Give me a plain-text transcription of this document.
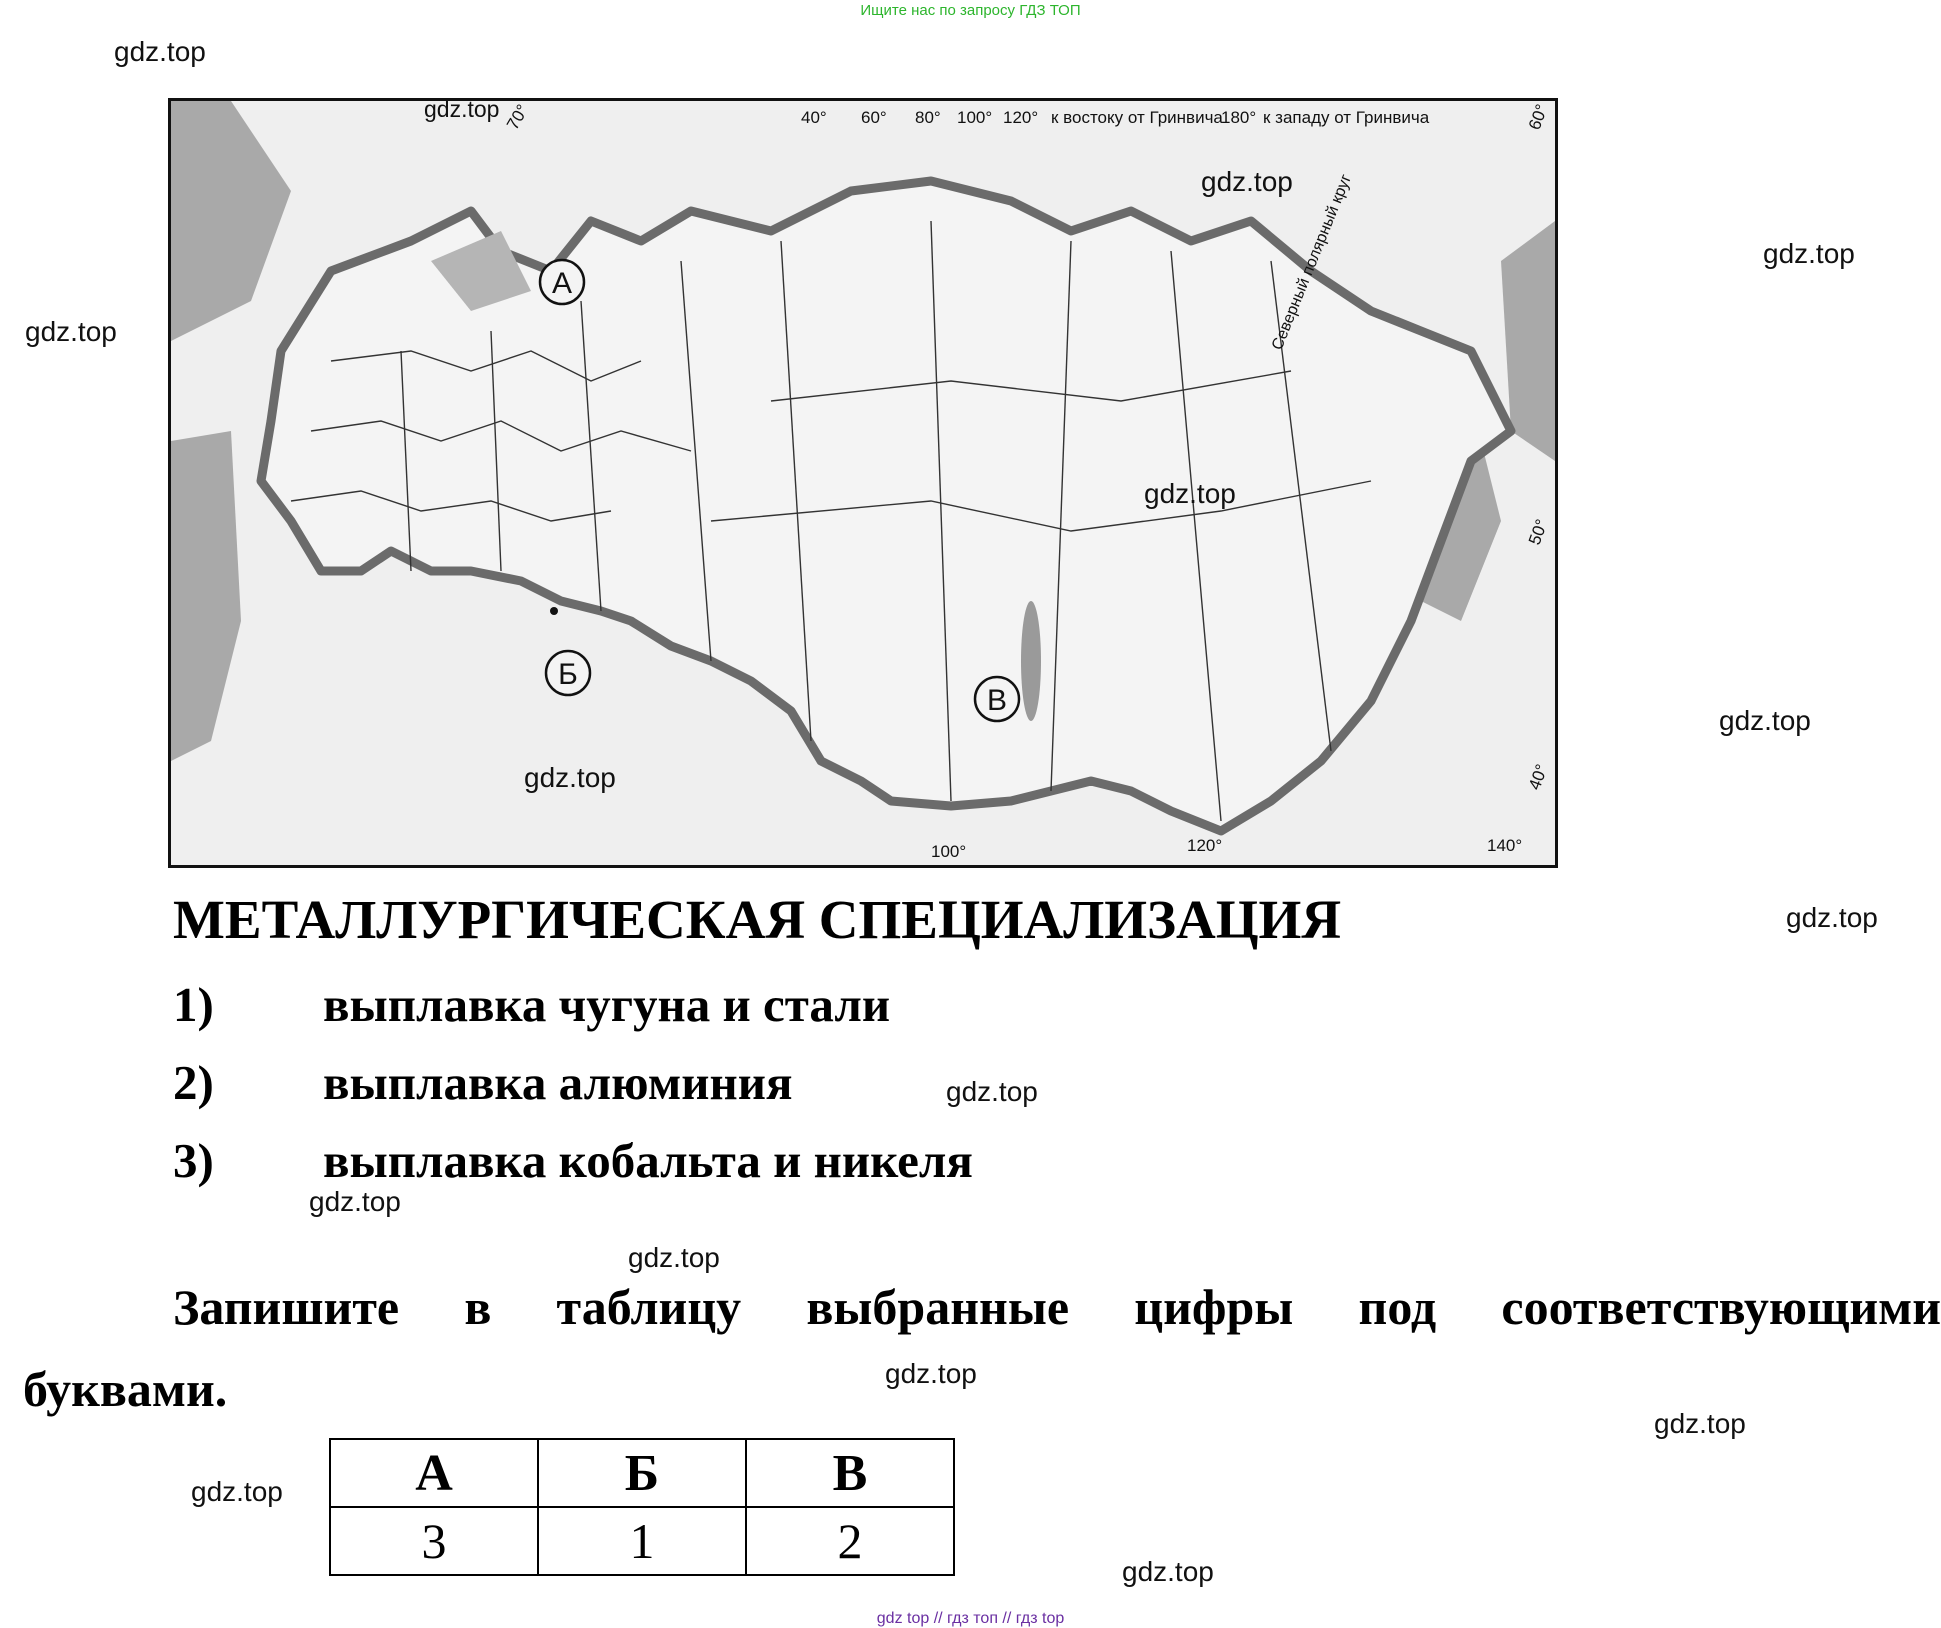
Ищите нас по запросу ГДЗ ТОП
Северный полярный круг
40° 60° 80° 100° 120° к востоку от Гринвича
180° к западу от Гринвича
70°	60°
50°
40°
100°	120°	140°
А
Б
В
МЕТАЛЛУРГИЧЕСКАЯ СПЕЦИАЛИЗАЦИЯ
1) выплавка чугуна и стали
2) выплавка алюминия
3) выплавка кобальта и никеля
Запишите в таблицу выбранные цифры под соответствующими
буквами.
А	Б	В
3	1	2
gdz.top
gdz.top
gdz.top
gdz.top
gdz.top
gdz.top
gdz.top
gdz.top
gdz.top
gdz.top
gdz.top
gdz.top
gdz.top
gdz.top
gdz.top
gdz.top
gdz top // гдз топ // гдз top
